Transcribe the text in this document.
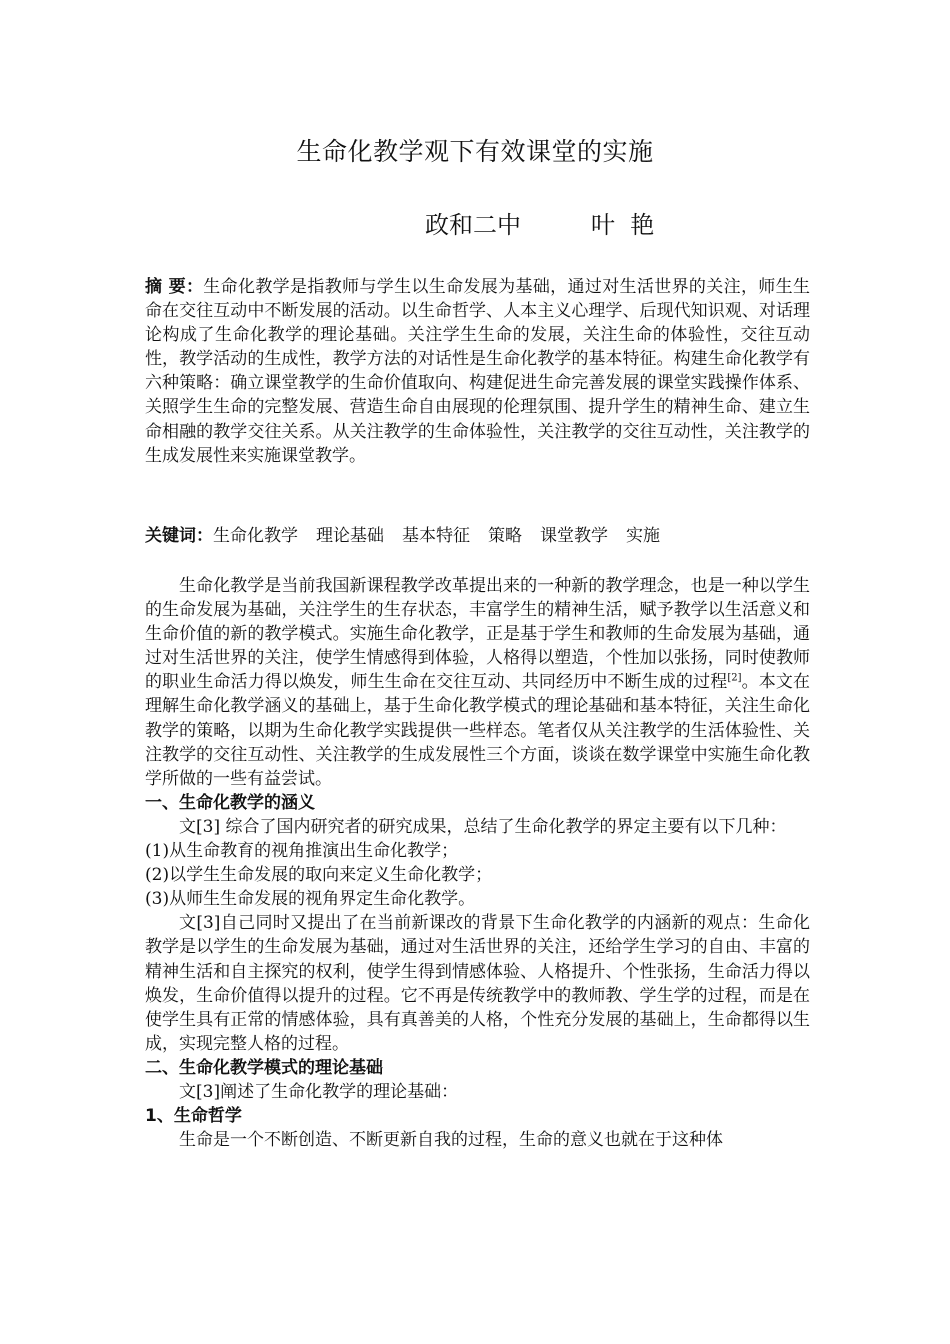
生命化教学观下有效课堂的实施
政和二中	叶  艳
摘 要：生命化教学是指教师与学生以生命发展为基础，通过对生活世界的关注，师生生命在交往互动中不断发展的活动。以生命哲学、人本主义心理学、后现代知识观、对话理论构成了生命化教学的理论基础。关注学生生命的发展，关注生命的体验性，交往互动性，教学活动的生成性，教学方法的对话性是生命化教学的基本特征。构建生命化教学有六种策略：确立课堂教学的生命价值取向、构建促进生命完善发展的课堂实践操作体系、关照学生生命的完整发展、营造生命自由展现的伦理氛围、提升学生的精神生命、建立生命相融的教学交往关系。从关注教学的生命体验性，关注教学的交往互动性，关注教学的生成发展性来实施课堂教学。
关键词：生命化教学 理论基础 基本特征 策略 课堂教学 实施

生命化教学是当前我国新课程教学改革提出来的一种新的教学理念，也是一种以学生的生命发展为基础，关注学生的生存状态，丰富学生的精神生活，赋予教学以生活意义和生命价值的新的教学模式。实施生命化教学，正是基于学生和教师的生命发展为基础，通过对生活世界的关注，使学生情感得到体验，人格得以塑造，个性加以张扬，同时使教师的职业生命活力得以焕发，师生生命在交往互动、共同经历中不断生成的过程[2]。本文在理解生命化教学涵义的基础上，基于生命化教学模式的理论基础和基本特征，关注生命化教学的策略，以期为生命化教学实践提供一些样态。笔者仅从关注教学的生活体验性、关注教学的交往互动性、关注教学的生成发展性三个方面，谈谈在数学课堂中实施生命化教学所做的一些有益尝试。

一、生命化教学的涵义

文[3] 综合了国内研究者的研究成果，总结了生命化教学的界定主要有以下几种：

(1)从生命教育的视角推演出生命化教学；

(2)以学生生命发展的取向来定义生命化教学；

(3)从师生生命发展的视角界定生命化教学。

文[3]自己同时又提出了在当前新课改的背景下生命化教学的内涵新的观点：生命化教学是以学生的生命发展为基础，通过对生活世界的关注，还给学生学习的自由、丰富的精神生活和自主探究的权利，使学生得到情感体验、人格提升、个性张扬，生命活力得以焕发，生命价值得以提升的过程。它不再是传统教学中的教师教、学生学的过程，而是在使学生具有正常的情感体验，具有真善美的人格，个性充分发展的基础上，生命都得以生成，实现完整人格的过程。

二、生命化教学模式的理论基础

文[3]阐述了生命化教学的理论基础：

1、生命哲学

生命是一个不断创造、不断更新自我的过程，生命的意义也就在于这种体
